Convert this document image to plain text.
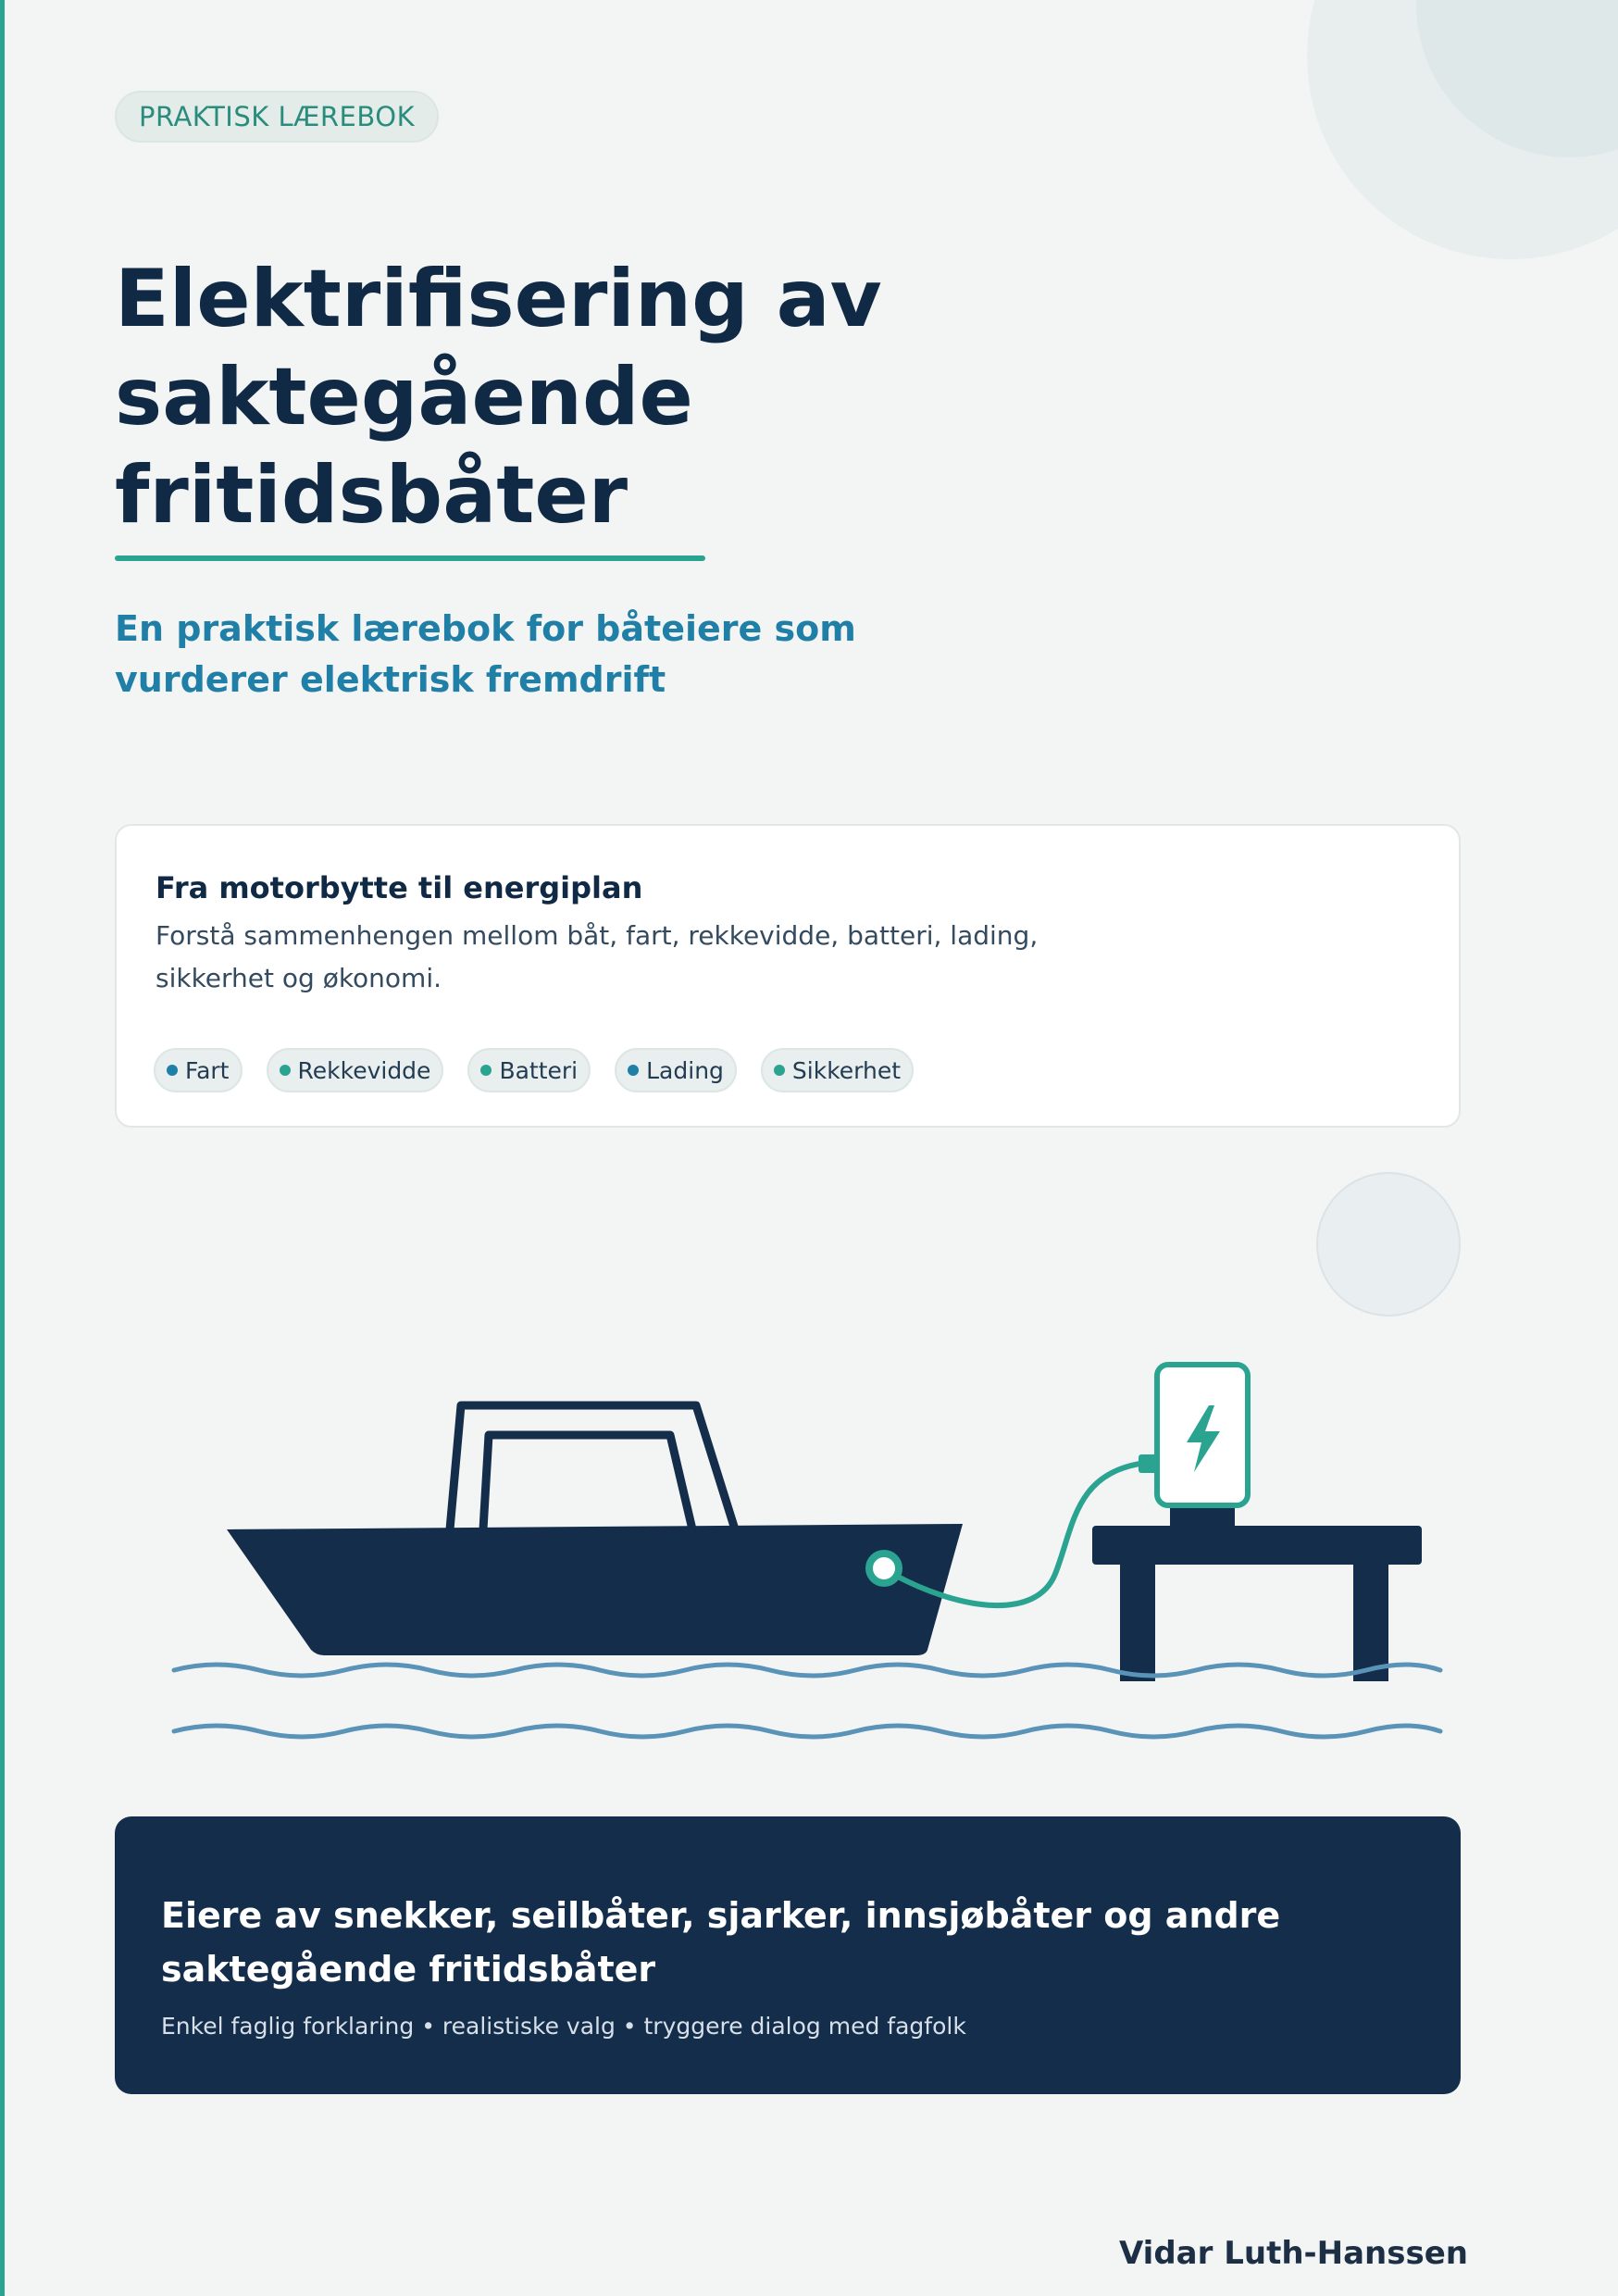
PRAKTISK LÆREBOK
Elektrifisering av
saktegående
fritidsbåter
En praktisk lærebok for båteiere som
vurderer elektrisk fremdrift
Fra motorbytte til energiplan
Forstå sammenhengen mellom båt, fart, rekkevidde, batteri, lading,
sikkerhet og økonomi.
Fart	Rekkevidde	Batteri	Lading	Sikkerhet
Eiere av snekker, seilbåter, sjarker, innsjøbåter og andre
saktegående fritidsbåter
Enkel faglig forklaring • realistiske valg • tryggere dialog med fagfolk
Vidar Luth-Hanssen
